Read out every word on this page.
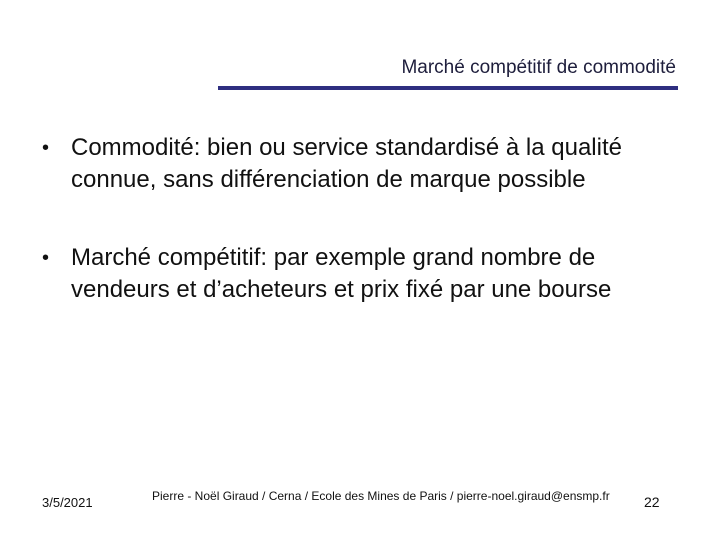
Marché compétitif de commodité
• Commodité: bien ou service standardisé à la qualité connue, sans différenciation de marque possible
• Marché compétitif: par exemple grand nombre de vendeurs et d’acheteurs et prix fixé par une bourse
3/5/2021	Pierre - Noël Giraud / Cerna / Ecole des Mines de Paris / pierre-noel.giraud@ensmp.fr 22
